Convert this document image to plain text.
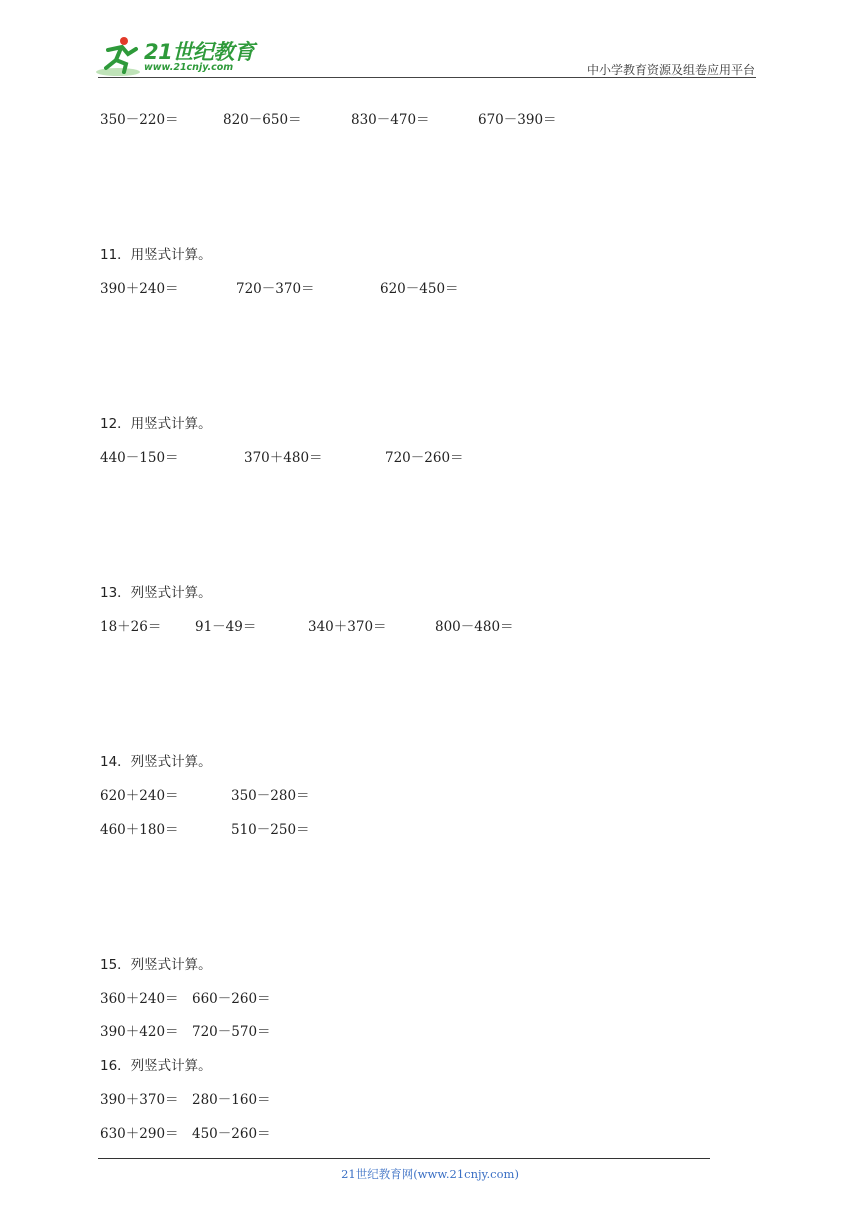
21世纪教育
www.21cnjy.com	中小学教育资源及组卷应用平台
350－220＝	820－650＝	830－470＝	670－390＝
11．用竖式计算。
390＋240＝	720－370＝	620－450＝
12．用竖式计算。
440－150＝	370＋480＝	720－260＝
13．列竖式计算。
18＋26＝ 91－49＝	340＋370＝	800－480＝
14．列竖式计算。
620＋240＝	350－280＝
460＋180＝	510－250＝
15．列竖式计算。
360＋240＝ 660－260＝
390＋420＝ 720－570＝
16．列竖式计算。
390＋370＝ 280－160＝
630＋290＝ 450－260＝
21世纪教育网(www.21cnjy.com)
